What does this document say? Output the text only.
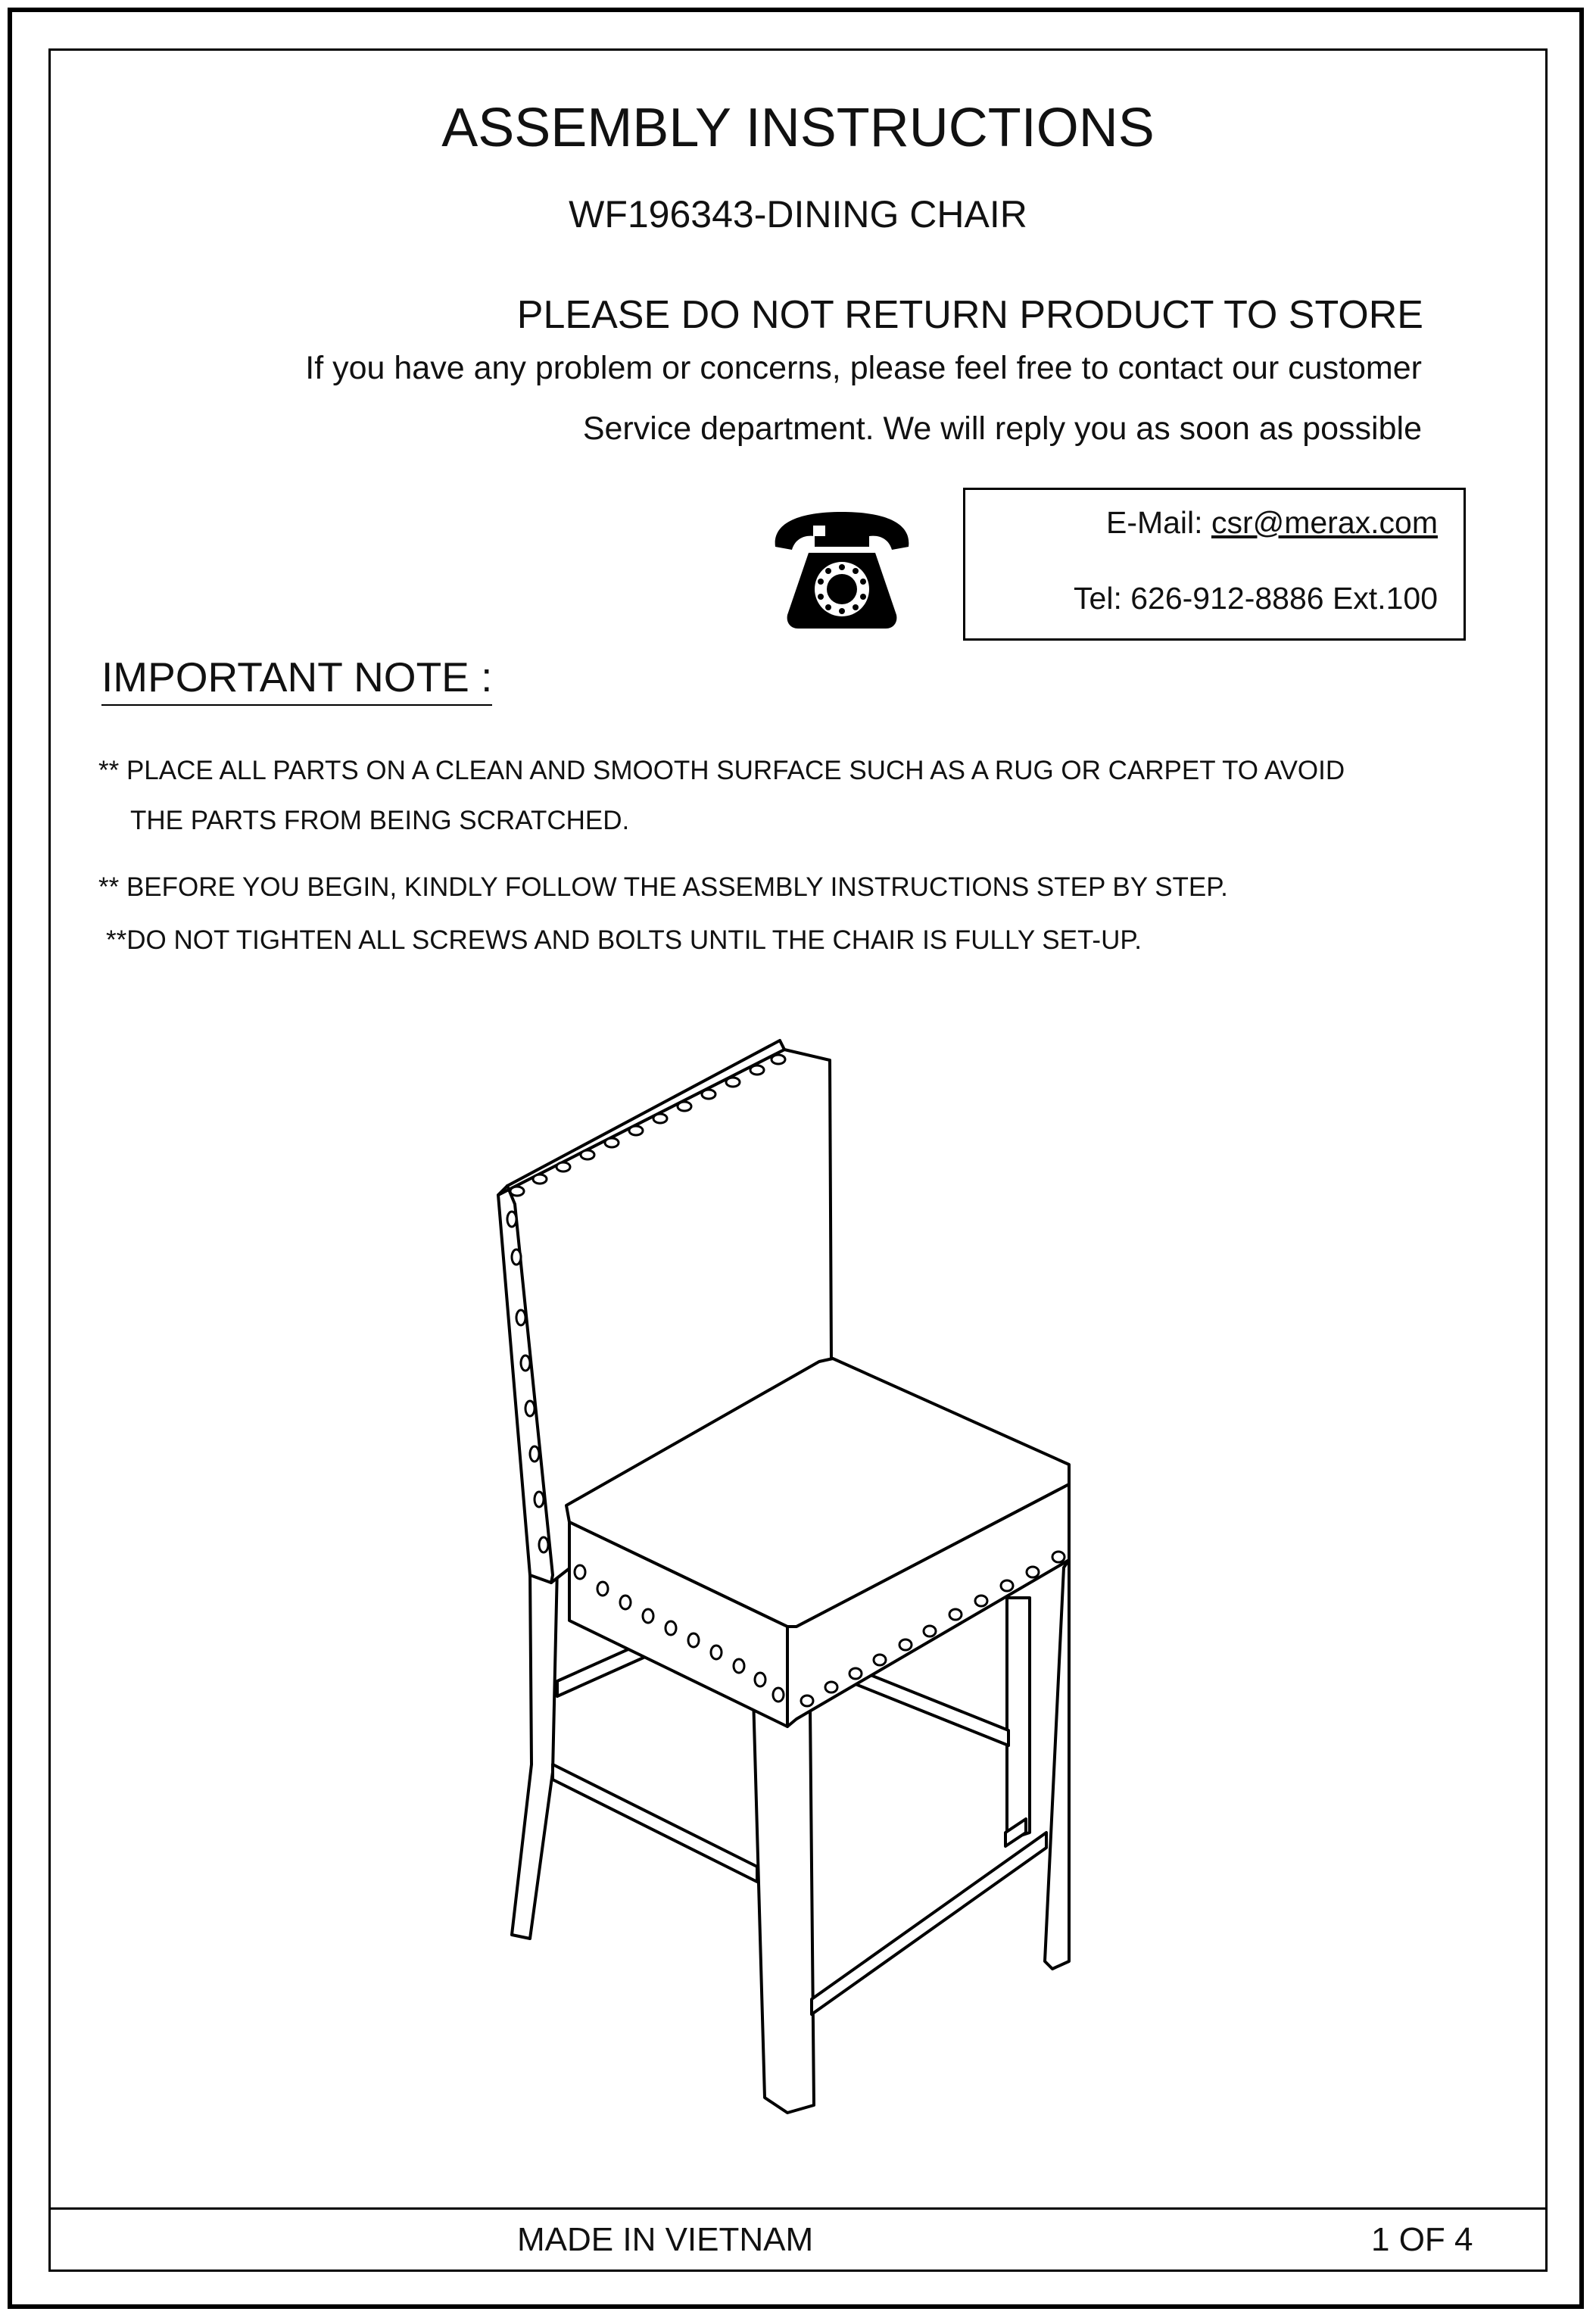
ASSEMBLY INSTRUCTIONS
WF196343-DINING CHAIR
PLEASE DO NOT RETURN PRODUCT TO STORE
If you have any problem or concerns, please feel free to contact our customer
Service department. We will reply you as soon as possible
E-Mail: csr@merax.com
Tel: 626-912-8886 Ext.100
IMPORTANT NOTE :
** PLACE ALL PARTS ON A CLEAN AND SMOOTH SURFACE SUCH AS A RUG OR CARPET TO AVOID
THE PARTS FROM BEING SCRATCHED.
** BEFORE YOU BEGIN, KINDLY FOLLOW THE ASSEMBLY INSTRUCTIONS STEP BY STEP.
**DO NOT TIGHTEN ALL SCREWS AND BOLTS UNTIL THE CHAIR IS FULLY SET-UP.
MADE IN VIETNAM	1 OF 4
